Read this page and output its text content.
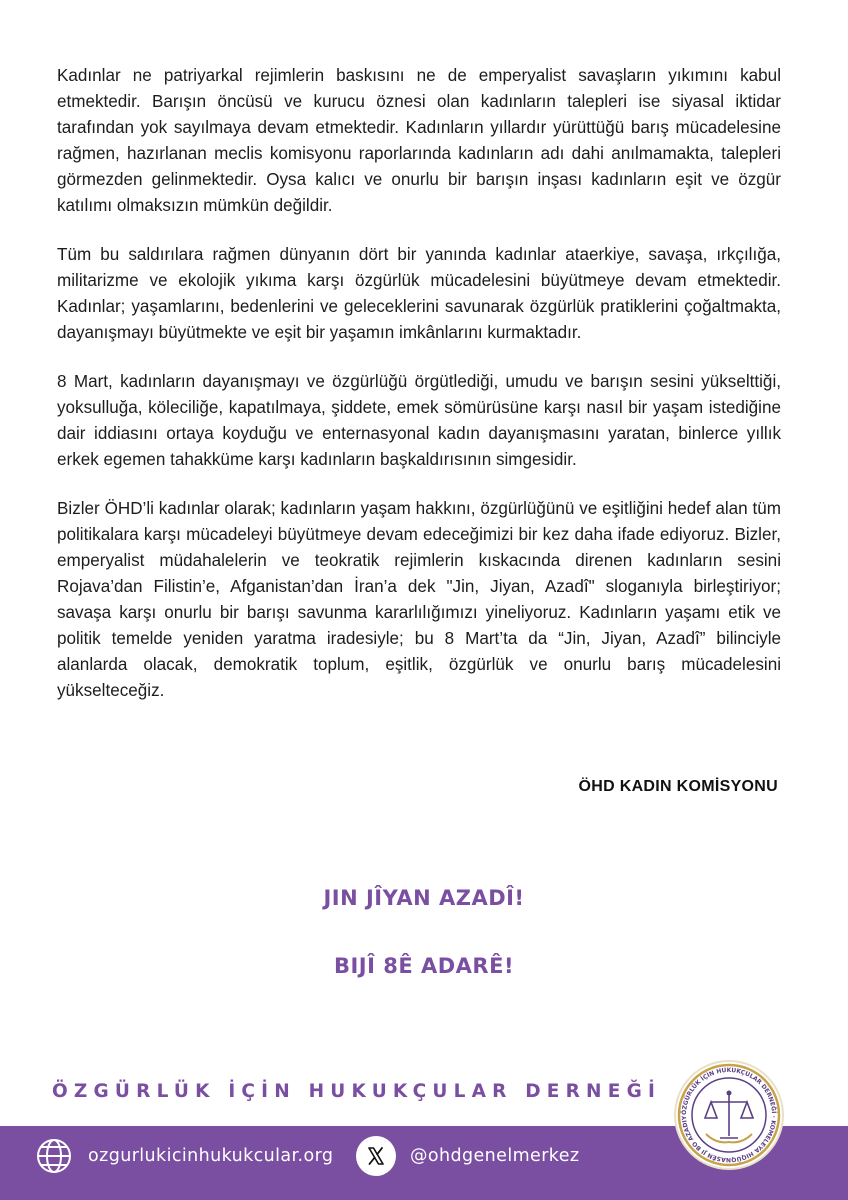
Kadınlar ne patriyarkal rejimlerin baskısını ne de emperyalist savaşların yıkımını kabul etmektedir. Barışın öncüsü ve kurucu öznesi olan kadınların talepleri ise siyasal iktidar tarafından yok sayılmaya devam etmektedir. Kadınların yıllardır yürüttüğü barış mücadelesine rağmen, hazırlanan meclis komisyonu raporlarında kadınların adı dahi anılmamakta, talepleri görmezden gelinmektedir. Oysa kalıcı ve onurlu bir barışın inşası kadınların eşit ve özgür katılımı olmaksızın mümkün değildir.

Tüm bu saldırılara rağmen dünyanın dört bir yanında kadınlar ataerkiye, savaşa, ırkçılığa, militarizme ve ekolojik yıkıma karşı özgürlük mücadelesini büyütmeye devam etmektedir. Kadınlar; yaşamlarını, bedenlerini ve geleceklerini savunarak özgürlük pratiklerini çoğaltmakta, dayanışmayı büyütmekte ve eşit bir yaşamın imkânlarını kurmaktadır.

8 Mart, kadınların dayanışmayı ve özgürlüğü örgütlediği, umudu ve barışın sesini yükselttiği, yoksulluğa, köleciliğe, kapatılmaya, şiddete, emek sömürüsüne karşı nasıl bir yaşam istediğine dair iddiasını ortaya koyduğu ve enternasyonal kadın dayanışmasını yaratan, binlerce yıllık erkek egemen tahakküme karşı kadınların başkaldırısının simgesidir.

Bizler ÖHD’li kadınlar olarak; kadınların yaşam hakkını, özgürlüğünü ve eşitliğini hedef alan tüm politikalara karşı mücadeleyi büyütmeye devam edeceğimizi bir kez daha ifade ediyoruz. Bizler, emperyalist müdahalelerin ve teokratik rejimlerin kıskacında direnen kadınların sesini Rojava’dan Filistin’e, Afganistan’dan İran’a dek "Jin, Jiyan, Azadî" sloganıyla birleştiriyor; savaşa karşı onurlu bir barışı savunma kararlılığımızı yineliyoruz. Kadınların yaşamı etik ve politik temelde yeniden yaratma iradesiyle; bu 8 Mart’ta da “Jin, Jiyan, Azadî” bilinciyle alanlarda olacak, demokratik toplum, eşitlik, özgürlük ve onurlu barış mücadelesini yükselteceğiz.

ÖHD KADIN KOMİSYONU
JIN JÎYAN AZADÎ!
BIJÎ 8Ê ADARÊ!
ÖZGÜRLÜK İÇİN HUKUKÇULAR DERNEĞİ
ozgurlukicinhukukcular.org	@ohdgenelmerkez
ÖZGÜRLÜK İÇİN HUKUKÇULAR DERNEĞİ · KOMELEYA HIQÛQNASÊN JI BO AZADIY
